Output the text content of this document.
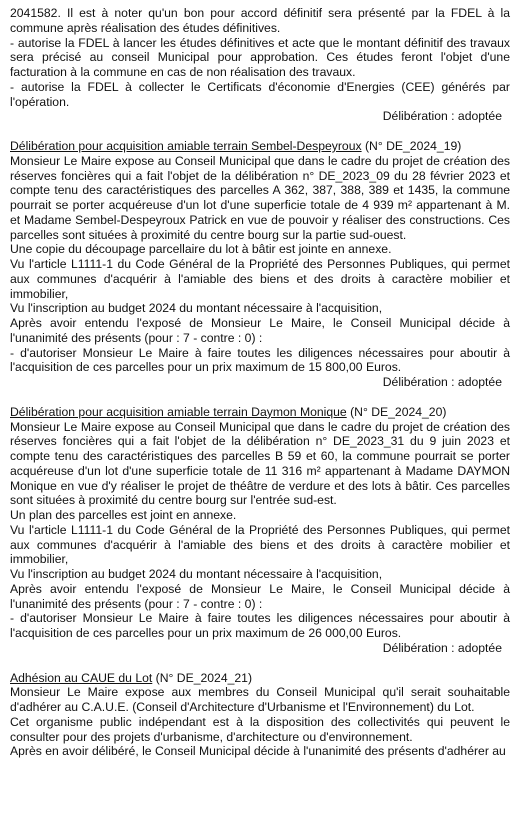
2041582. Il est à noter qu'un bon pour accord définitif sera présenté par la FDEL à la commune après réalisation des études définitives.

- autorise la FDEL à lancer les études définitives et acte que le montant définitif des travaux sera précisé au conseil Municipal pour approbation. Ces études feront l'objet d'une facturation à la commune en cas de non réalisation des travaux.

- autorise la FDEL à collecter le Certificats d'économie d'Energies (CEE) générés par l'opération.

Délibération : adoptée

Délibération pour acquisition amiable terrain Sembel-Despeyroux (N° DE_2024_19)

Monsieur Le Maire expose au Conseil Municipal que dans le cadre du projet de création des réserves foncières qui a fait l'objet de la délibération n° DE_2023_09 du 28 février 2023 et compte tenu des caractéristiques des parcelles A 362, 387, 388, 389 et 1435, la commune pourrait se porter acquéreuse d'un lot d'une superficie totale de 4 939 m² appartenant à M. et Madame Sembel-Despeyroux Patrick en vue de pouvoir y réaliser des constructions. Ces parcelles sont situées à proximité du centre bourg sur la partie sud-ouest.

Une copie du découpage parcellaire du lot à bâtir est jointe en annexe.

Vu l'article L1111-1 du Code Général de la Propriété des Personnes Publiques, qui permet aux communes d'acquérir à l'amiable des biens et des droits à caractère mobilier et immobilier,

Vu l'inscription au budget 2024 du montant nécessaire à l'acquisition,

Après avoir entendu l'exposé de Monsieur Le Maire, le Conseil Municipal décide à l'unanimité des présents (pour : 7 - contre : 0) :

- d'autoriser Monsieur Le Maire à faire toutes les diligences nécessaires pour aboutir à l'acquisition de ces parcelles pour un prix maximum de 15 800,00 Euros.

Délibération : adoptée

Délibération pour acquisition amiable terrain Daymon Monique (N° DE_2024_20)

Monsieur Le Maire expose au Conseil Municipal que dans le cadre du projet de création des réserves foncières qui a fait l'objet de la délibération n° DE_2023_31 du 9 juin 2023 et compte tenu des caractéristiques des parcelles B 59 et 60, la commune pourrait se porter acquéreuse d'un lot d'une superficie totale de 11 316 m² appartenant à Madame DAYMON Monique en vue d'y réaliser le projet de théâtre de verdure et des lots à bâtir. Ces parcelles sont situées à proximité du centre bourg sur l'entrée sud-est.

Un plan des parcelles est joint en annexe.

Vu l'article L1111-1 du Code Général de la Propriété des Personnes Publiques, qui permet aux communes d'acquérir à l'amiable des biens et des droits à caractère mobilier et immobilier,

Vu l'inscription au budget 2024 du montant nécessaire à l'acquisition,

Après avoir entendu l'exposé de Monsieur Le Maire, le Conseil Municipal décide à l'unanimité des présents (pour : 7 - contre : 0) :

- d'autoriser Monsieur Le Maire à faire toutes les diligences nécessaires pour aboutir à l'acquisition de ces parcelles pour un prix maximum de 26 000,00 Euros.

Délibération : adoptée

Adhésion au CAUE du Lot (N° DE_2024_21)

Monsieur Le Maire expose aux membres du Conseil Municipal qu'il serait souhaitable d'adhérer au C.A.U.E. (Conseil d'Architecture d'Urbanisme et l'Environnement) du Lot.

Cet organisme public indépendant est à la disposition des collectivités qui peuvent le consulter pour des projets d'urbanisme, d'architecture ou d'environnement.

Après en avoir délibéré, le Conseil Municipal décide à l'unanimité des présents d'adhérer au
